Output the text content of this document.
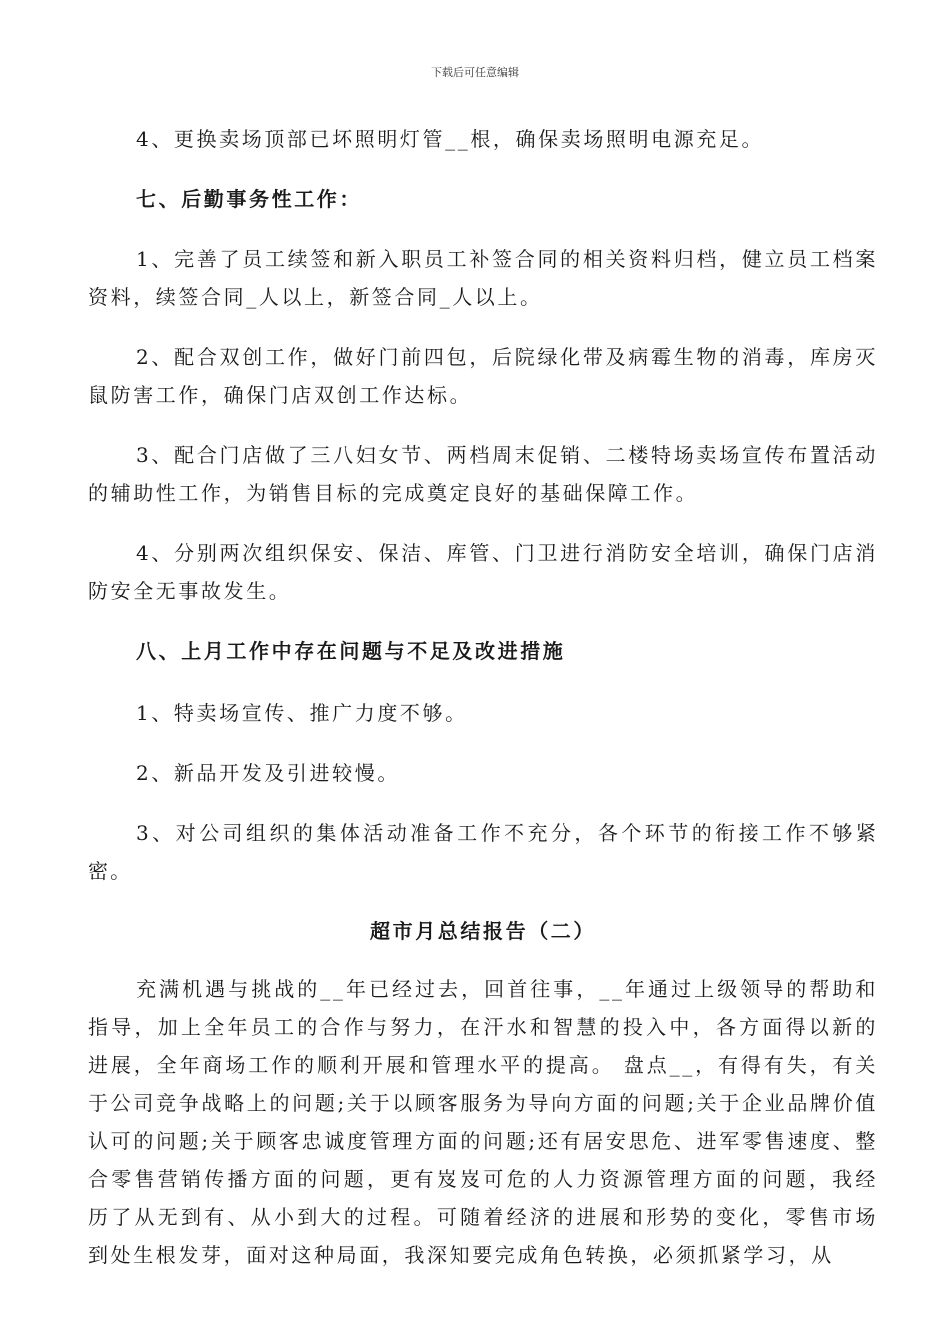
下载后可任意编辑

4、更换卖场顶部已坏照明灯管__根，确保卖场照明电源充足。

七、后勤事务性工作：

1、完善了员工续签和新入职员工补签合同的相关资料归档，健立员工档案资料，续签合同_人以上，新签合同_人以上。

2、配合双创工作，做好门前四包，后院绿化带及病霉生物的消毒，库房灭鼠防害工作，确保门店双创工作达标。

3、配合门店做了三八妇女节、两档周末促销、二楼特场卖场宣传布置活动的辅助性工作，为销售目标的完成奠定良好的基础保障工作。

4、分别两次组织保安、保洁、库管、门卫进行消防安全培训，确保门店消防安全无事故发生。

八、上月工作中存在问题与不足及改进措施

1、特卖场宣传、推广力度不够。

2、新品开发及引进较慢。

3、对公司组织的集体活动准备工作不充分，各个环节的衔接工作不够紧密。

超市月总结报告（二）

充满机遇与挑战的__年已经过去，回首往事，__年通过上级领导的帮助和指导，加上全年员工的合作与努力，在汗水和智慧的投入中，各方面得以新的进展，全年商场工作的顺利开展和管理水平的提高。 盘点__，有得有失，有关于公司竞争战略上的问题;关于以顾客服务为导向方面的问题;关于企业品牌价值认可的问题;关于顾客忠诚度管理方面的问题;还有居安思危、进军零售速度、整合零售营销传播方面的问题，更有岌岌可危的人力资源管理方面的问题，我经历了从无到有、从小到大的过程。可随着经济的进展和形势的变化，零售市场到处生根发芽，面对这种局面，我深知要完成角色转换，必须抓紧学习，从
